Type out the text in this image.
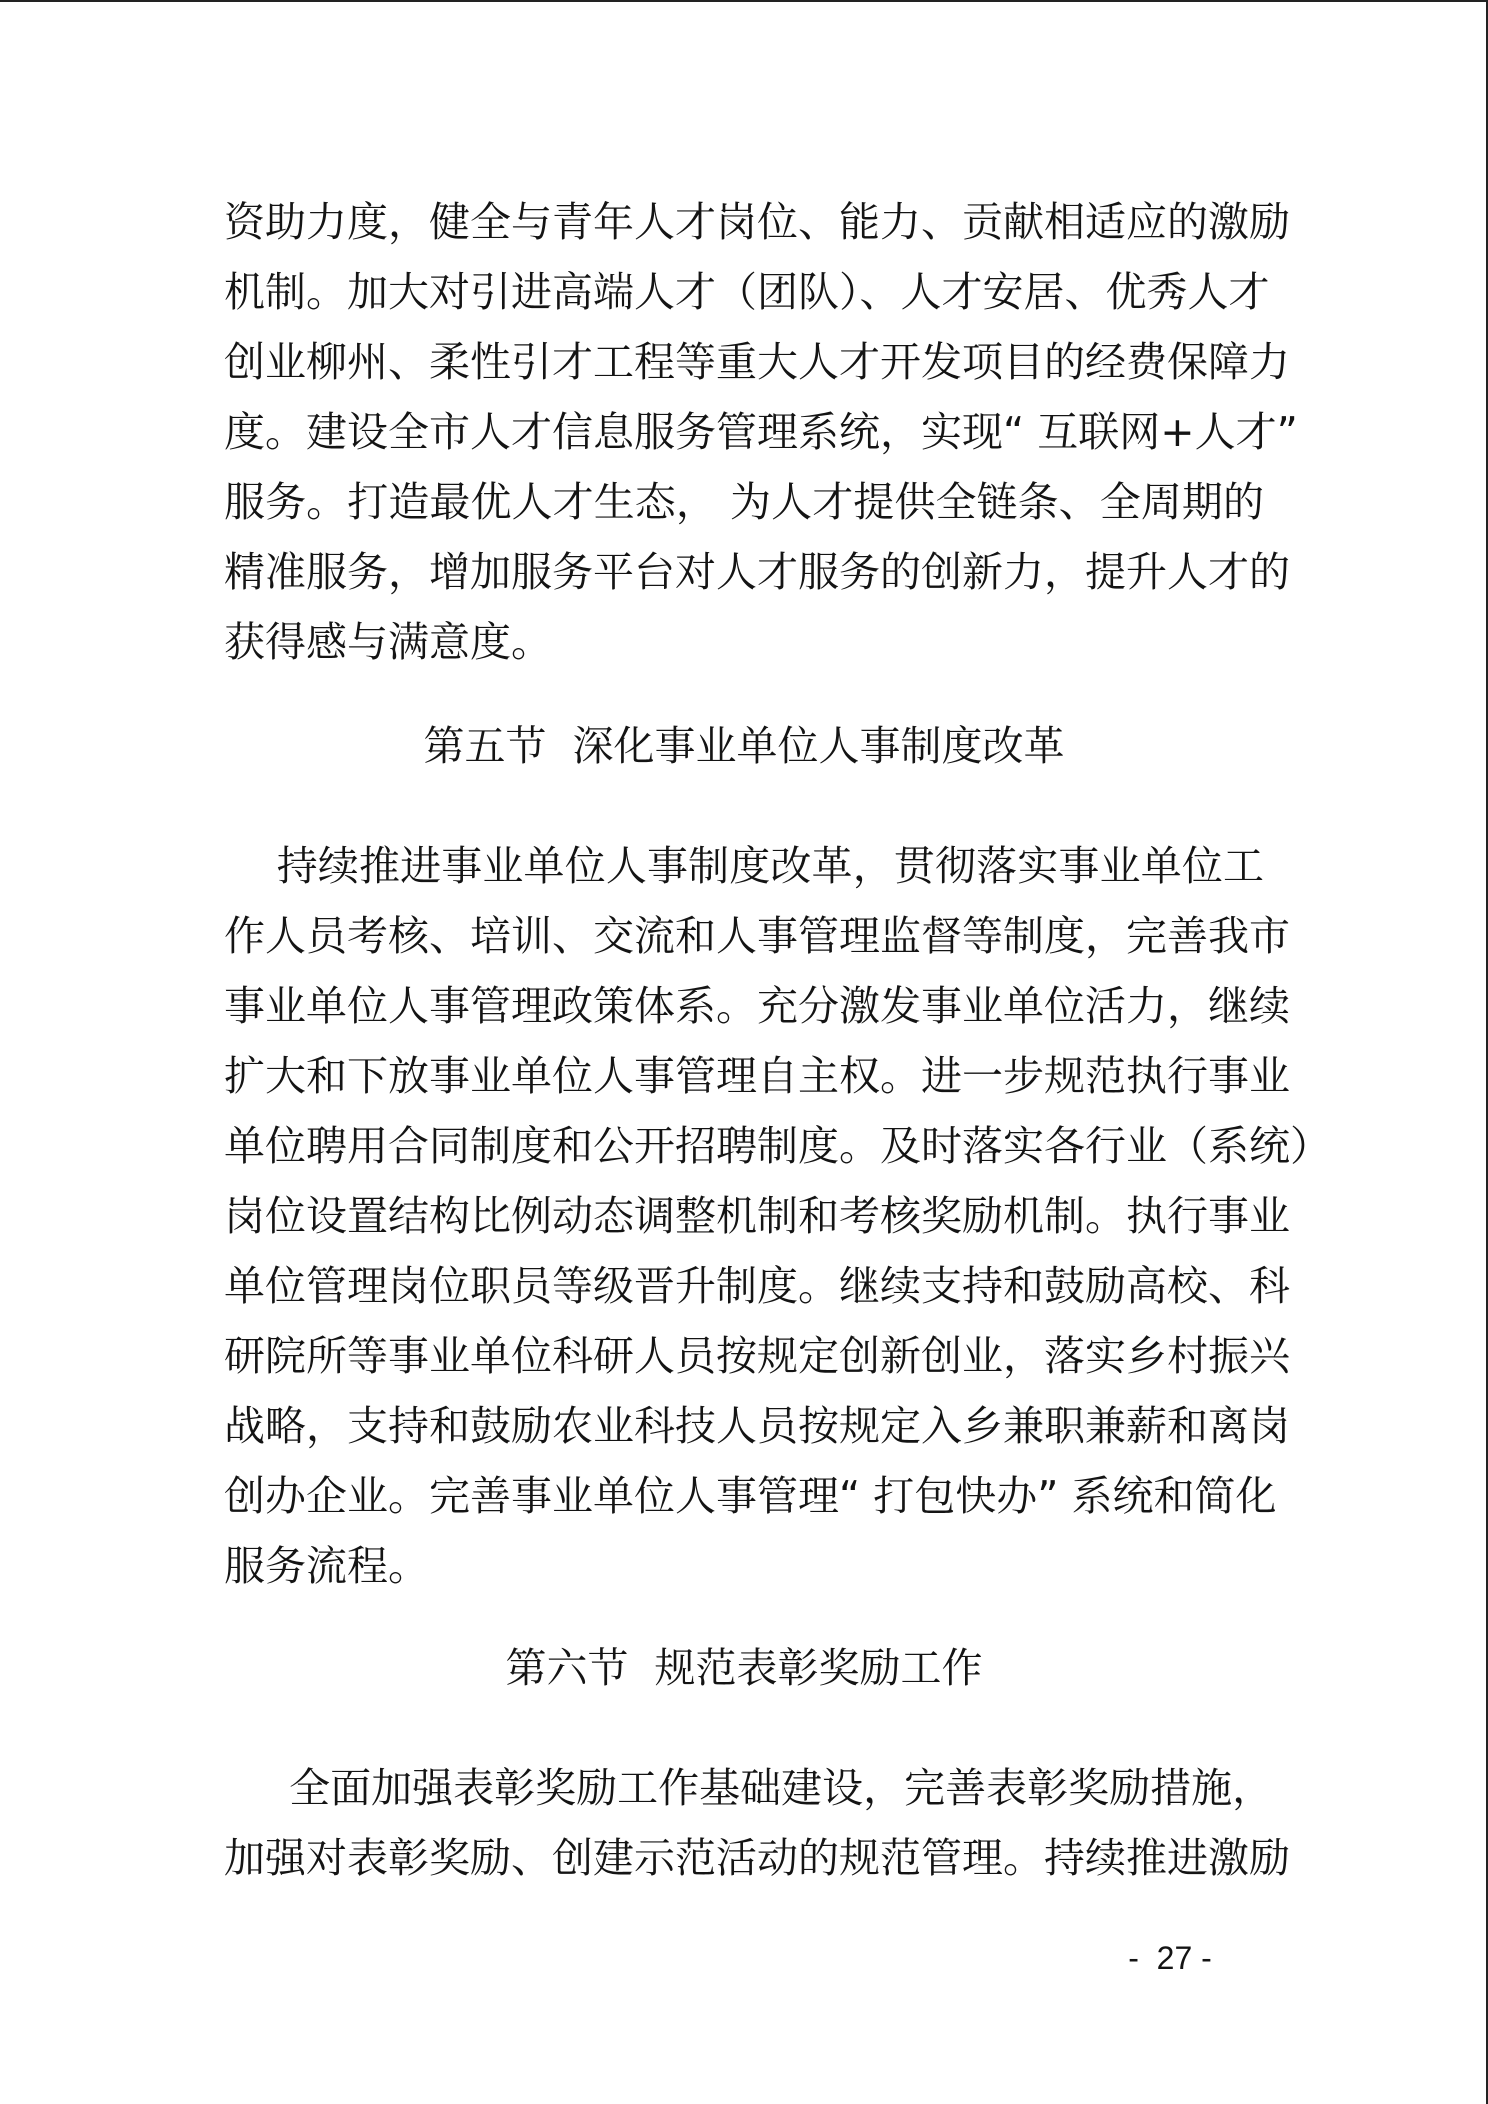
资助力度，健全与青年人才岗位、能力、贡献相适应的激励
机制。加大对引进高端人才（团队）、人才安居、优秀人才
创业柳州、柔性引才工程等重大人才开发项目的经费保障力
度。建设全市人才信息服务管理系统，实现“ 互联网+人才”
服务。打造最优人才生态， 为人才提供全链条、全周期的
精准服务，增加服务平台对人才服务的创新力，提升人才的
获得感与满意度。
第五节  深化事业单位人事制度改革
持续推进事业单位人事制度改革，贯彻落实事业单位工
作人员考核、培训、交流和人事管理监督等制度，完善我市
事业单位人事管理政策体系。充分激发事业单位活力，继续
扩大和下放事业单位人事管理自主权。进一步规范执行事业
单位聘用合同制度和公开招聘制度。及时落实各行业（系统）
岗位设置结构比例动态调整机制和考核奖励机制。执行事业
单位管理岗位职员等级晋升制度。继续支持和鼓励高校、科
研院所等事业单位科研人员按规定创新创业，落实乡村振兴
战略，支持和鼓励农业科技人员按规定入乡兼职兼薪和离岗
创办企业。完善事业单位人事管理“ 打包快办” 系统和简化
服务流程。
第六节  规范表彰奖励工作
全面加强表彰奖励工作基础建设，完善表彰奖励措施，
加强对表彰奖励、创建示范活动的规范管理。持续推进激励
-  27 -
